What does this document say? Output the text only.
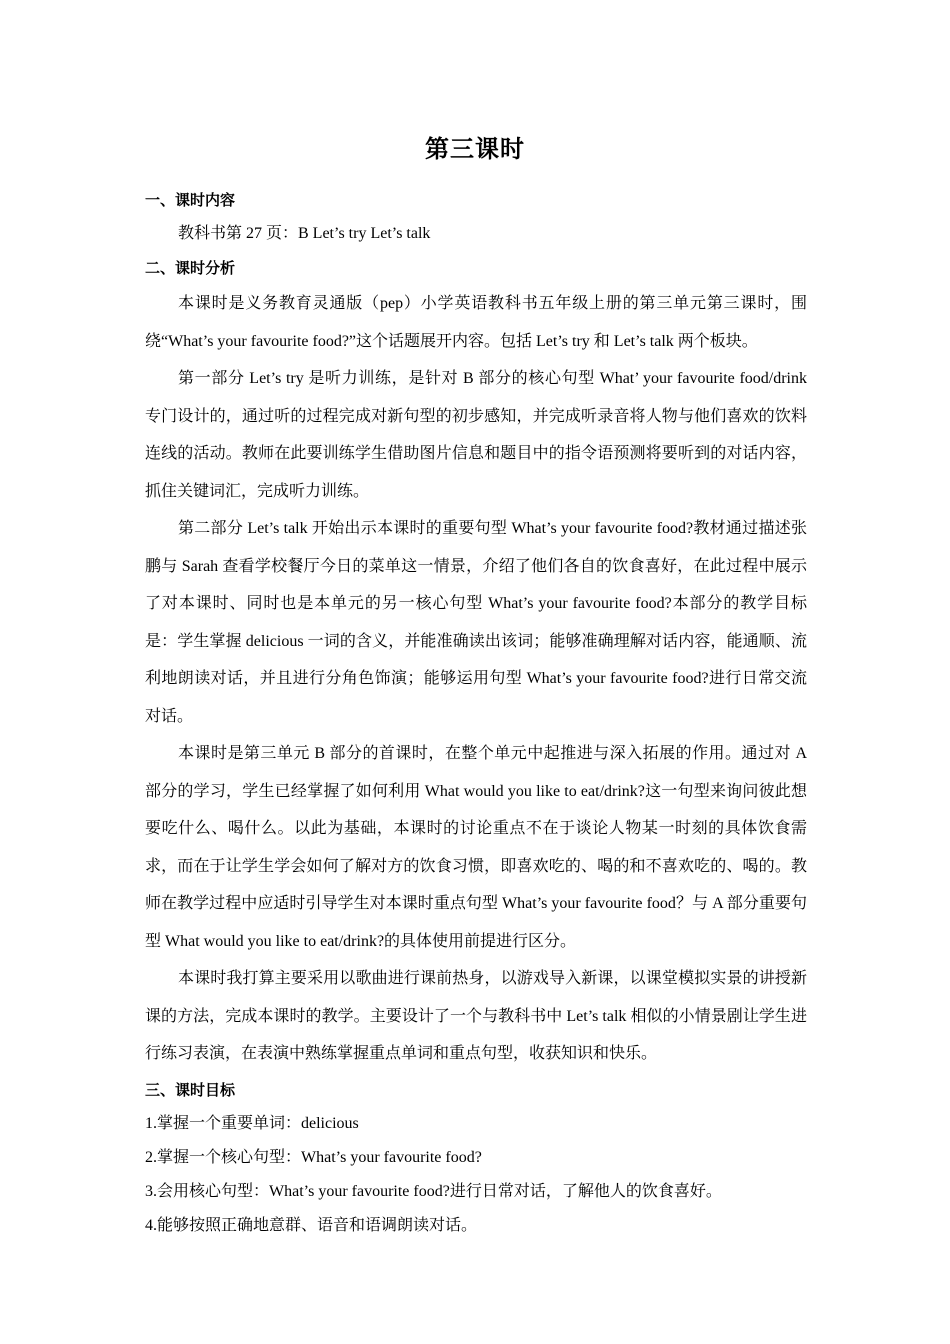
第三课时

一、课时内容

教科书第 27 页：B Let’s try Let’s talk

二、课时分析

本课时是义务教育灵通版（pep）小学英语教科书五年级上册的第三单元第三课时，围绕“What’s your favourite food?”这个话题展开内容。包括 Let’s try 和 Let’s talk 两个板块。

第一部分 Let’s try 是听力训练，是针对 B 部分的核心句型 What’ your favourite food/drink 专门设计的，通过听的过程完成对新句型的初步感知，并完成听录音将人物与他们喜欢的饮料连线的活动。教师在此要训练学生借助图片信息和题目中的指令语预测将要听到的对话内容，抓住关键词汇，完成听力训练。

第二部分 Let’s talk 开始出示本课时的重要句型 What’s your favourite food?教材通过描述张鹏与 Sarah 查看学校餐厅今日的菜单这一情景，介绍了他们各自的饮食喜好，在此过程中展示了对本课时、同时也是本单元的另一核心句型 What’s your favourite food?本部分的教学目标是：学生掌握 delicious 一词的含义，并能准确读出该词；能够准确理解对话内容，能通顺、流利地朗读对话，并且进行分角色饰演；能够运用句型 What’s your favourite food?进行日常交流对话。

本课时是第三单元 B 部分的首课时，在整个单元中起推进与深入拓展的作用。通过对 A 部分的学习，学生已经掌握了如何利用 What would you like to eat/drink?这一句型来询问彼此想要吃什么、喝什么。以此为基础，本课时的讨论重点不在于谈论人物某一时刻的具体饮食需求，而在于让学生学会如何了解对方的饮食习惯，即喜欢吃的、喝的和不喜欢吃的、喝的。教师在教学过程中应适时引导学生对本课时重点句型 What’s your favourite food？与 A 部分重要句型 What would you like to eat/drink?的具体使用前提进行区分。

本课时我打算主要采用以歌曲进行课前热身，以游戏导入新课，以课堂模拟实景的讲授新课的方法，完成本课时的教学。主要设计了一个与教科书中 Let’s talk 相似的小情景剧让学生进行练习表演，在表演中熟练掌握重点单词和重点句型，收获知识和快乐。

三、课时目标

1.掌握一个重要单词：delicious

2.掌握一个核心句型：What’s your favourite food?

3.会用核心句型：What’s your favourite food?进行日常对话，了解他人的饮食喜好。

4.能够按照正确地意群、语音和语调朗读对话。
